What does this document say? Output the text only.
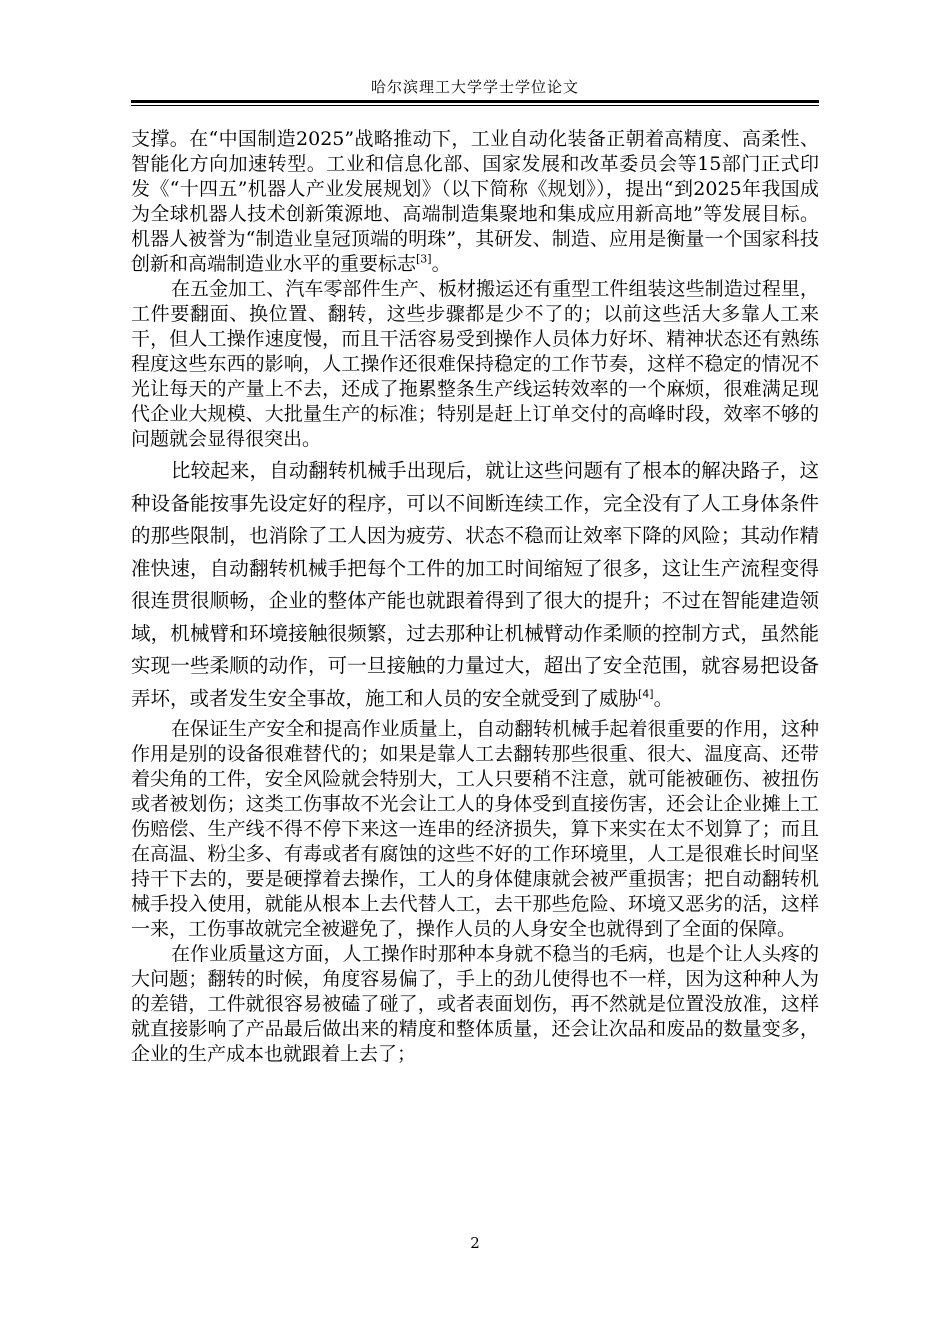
哈尔滨理工大学学士学位论文

支撑。在“中国制造2025”战略推动下，工业自动化装备正朝着高精度、高柔性、智能化方向加速转型。工业和信息化部、国家发展和改革委员会等15部门正式印发《“十四五”机器人产业发展规划》（以下简称《规划》），提出“到2025年我国成为全球机器人技术创新策源地、高端制造集聚地和集成应用新高地”等发展目标。机器人被誉为“制造业皇冠顶端的明珠”，其研发、制造、应用是衡量一个国家科技创新和高端制造业水平的重要标志[3]。

在五金加工、汽车零部件生产、板材搬运还有重型工件组装这些制造过程里，工件要翻面、换位置、翻转，这些步骤都是少不了的；以前这些活大多靠人工来干，但人工操作速度慢，而且干活容易受到操作人员体力好坏、精神状态还有熟练程度这些东西的影响，人工操作还很难保持稳定的工作节奏，这样不稳定的情况不光让每天的产量上不去，还成了拖累整条生产线运转效率的一个麻烦，很难满足现代企业大规模、大批量生产的标准；特别是赶上订单交付的高峰时段，效率不够的问题就会显得很突出。

比较起来，自动翻转机械手出现后，就让这些问题有了根本的解决路子，这种设备能按事先设定好的程序，可以不间断连续工作，完全没有了人工身体条件的那些限制，也消除了工人因为疲劳、状态不稳而让效率下降的风险；其动作精准快速，自动翻转机械手把每个工件的加工时间缩短了很多，这让生产流程变得很连贯很顺畅，企业的整体产能也就跟着得到了很大的提升；不过在智能建造领域，机械臂和环境接触很频繁，过去那种让机械臂动作柔顺的控制方式，虽然能实现一些柔顺的动作，可一旦接触的力量过大，超出了安全范围，就容易把设备弄坏，或者发生安全事故，施工和人员的安全就受到了威胁[4]。

在保证生产安全和提高作业质量上，自动翻转机械手起着很重要的作用，这种作用是别的设备很难替代的；如果是靠人工去翻转那些很重、很大、温度高、还带着尖角的工件，安全风险就会特别大，工人只要稍不注意，就可能被砸伤、被扭伤或者被划伤；这类工伤事故不光会让工人的身体受到直接伤害，还会让企业摊上工伤赔偿、生产线不得不停下来这一连串的经济损失，算下来实在太不划算了；而且在高温、粉尘多、有毒或者有腐蚀的这些不好的工作环境里，人工是很难长时间坚持干下去的，要是硬撑着去操作，工人的身体健康就会被严重损害；把自动翻转机械手投入使用，就能从根本上去代替人工，去干那些危险、环境又恶劣的活，这样一来，工伤事故就完全被避免了，操作人员的人身安全也就得到了全面的保障。

在作业质量这方面，人工操作时那种本身就不稳当的毛病，也是个让人头疼的大问题；翻转的时候，角度容易偏了，手上的劲儿使得也不一样，因为这种种人为的差错，工件就很容易被磕了碰了，或者表面划伤，再不然就是位置没放准，这样就直接影响了产品最后做出来的精度和整体质量，还会让次品和废品的数量变多，企业的生产成本也就跟着上去了；

2
